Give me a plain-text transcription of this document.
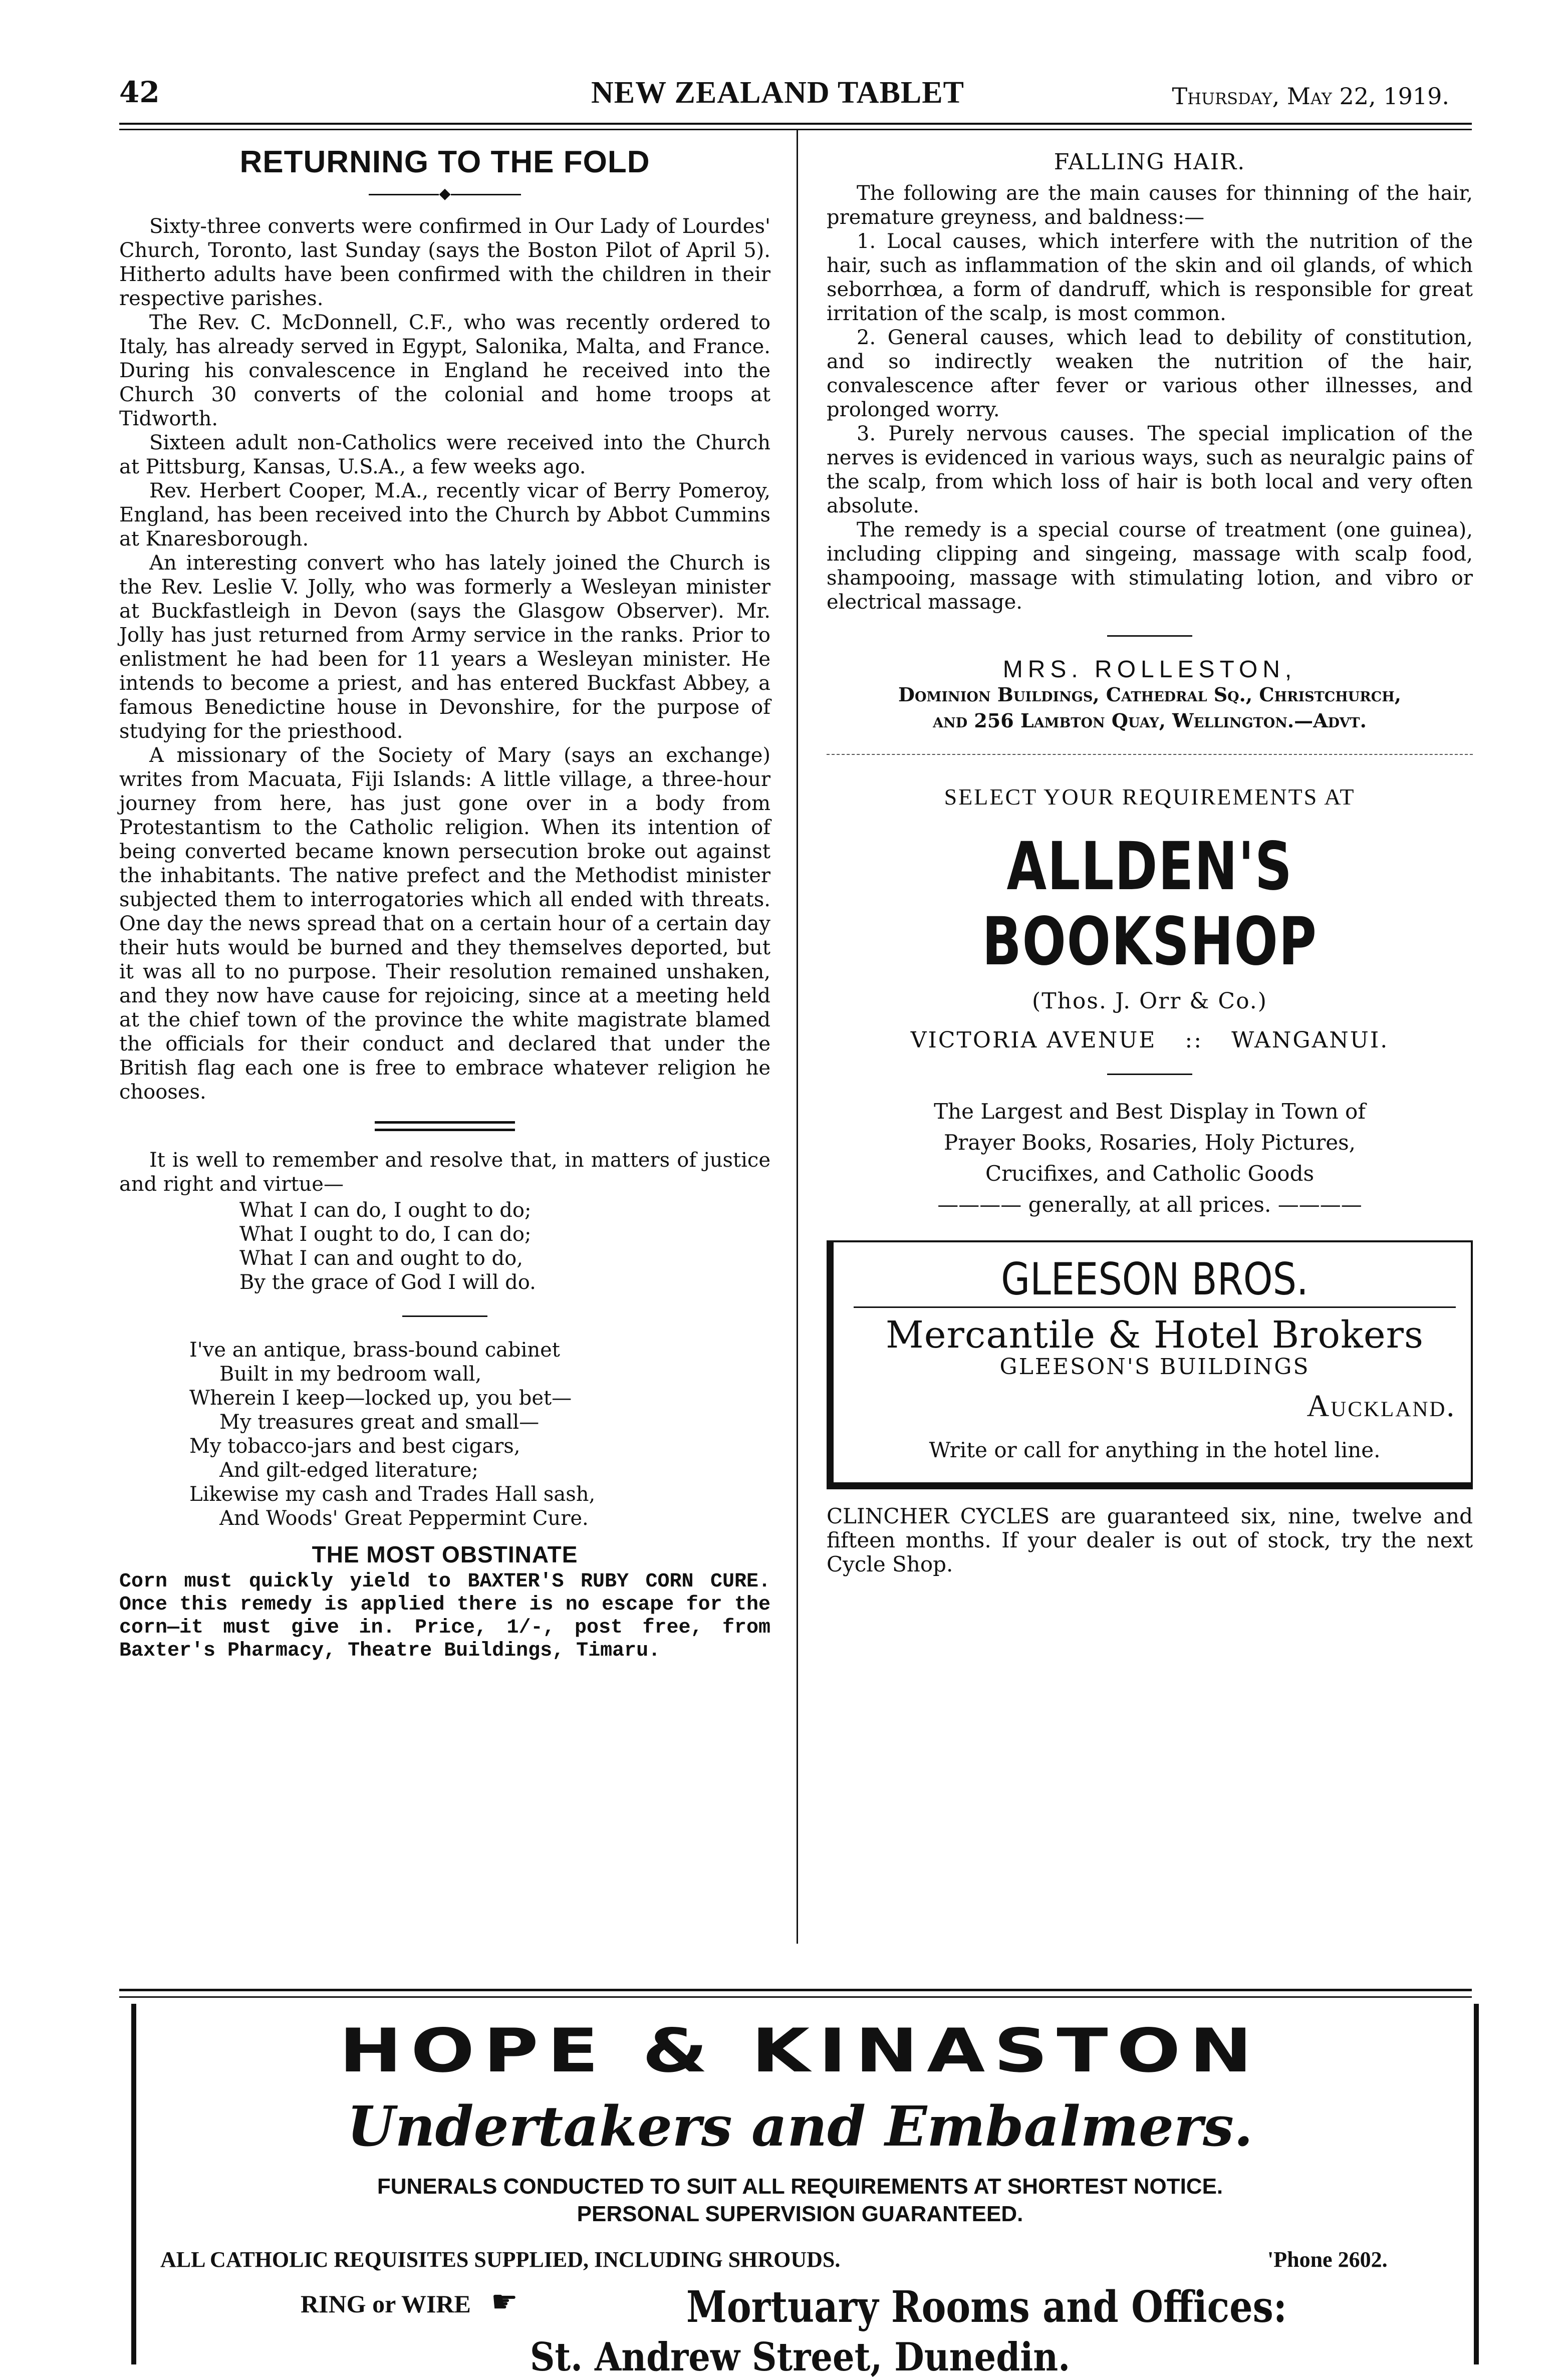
42	NEW ZEALAND TABLET	Thursday, May 22, 1919.
RETURNING TO THE FOLD
◆

Sixty-three converts were confirmed in Our Lady of Lourdes' Church, Toronto, last Sunday (says the Boston Pilot of April 5). Hitherto adults have been confirmed with the children in their respective parishes.

The Rev. C. McDonnell, C.F., who was recently ordered to Italy, has already served in Egypt, Salonika, Malta, and France. During his convalescence in England he received into the Church 30 converts of the colonial and home troops at Tidworth.

Sixteen adult non-Catholics were received into the Church at Pittsburg, Kansas, U.S.A., a few weeks ago.

Rev. Herbert Cooper, M.A., recently vicar of Berry Pomeroy, England, has been received into the Church by Abbot Cummins at Knaresborough.

An interesting convert who has lately joined the Church is the Rev. Leslie V. Jolly, who was formerly a Wesleyan minister at Buckfastleigh in Devon (says the Glasgow Observer). Mr. Jolly has just returned from Army service in the ranks. Prior to enlistment he had been for 11 years a Wesleyan minister. He intends to become a priest, and has entered Buckfast Abbey, a famous Benedictine house in Devonshire, for the purpose of studying for the priesthood.

A missionary of the Society of Mary (says an exchange) writes from Macuata, Fiji Islands: A little village, a three-hour journey from here, has just gone over in a body from Protestantism to the Catholic religion. When its intention of being converted became known persecution broke out against the inhabitants. The native prefect and the Methodist minister subjected them to interrogatories which all ended with threats. One day the news spread that on a certain hour of a certain day their huts would be burned and they themselves deported, but it was all to no purpose. Their resolution remained unshaken, and they now have cause for rejoicing, since at a meeting held at the chief town of the province the white magistrate blamed the officials for their conduct and declared that under the British flag each one is free to embrace whatever religion he chooses.

It is well to remember and resolve that, in matters of justice and right and virtue—

What I can do, I ought to do;
What I ought to do, I can do;
What I can and ought to do,
By the grace of God I will do.
I've an antique, brass-bound cabinet
Built in my bedroom wall,
Wherein I keep—locked up, you bet—
My treasures great and small—
My tobacco-jars and best cigars,
And gilt-edged literature;
Likewise my cash and Trades Hall sash,
And Woods' Great Peppermint Cure.
THE MOST OBSTINATE
Corn must quickly yield to BAXTER'S RUBY CORN CURE. Once this remedy is applied there is no escape for the corn—it must give in. Price, 1/-, post free, from Baxter's Pharmacy, Theatre Buildings, Timaru.
FALLING HAIR.

The following are the main causes for thinning of the hair, premature greyness, and baldness:—

1. Local causes, which interfere with the nutrition of the hair, such as inflammation of the skin and oil glands, of which seborrhœa, a form of dandruff, which is responsible for great irritation of the scalp, is most common.

2. General causes, which lead to debility of constitution, and so indirectly weaken the nutrition of the hair, convalescence after fever or various other illnesses, and prolonged worry.

3. Purely nervous causes. The special implication of the nerves is evidenced in various ways, such as neuralgic pains of the scalp, from which loss of hair is both local and very often absolute.

The remedy is a special course of treatment (one guinea), including clipping and singeing, massage with scalp food, shampooing, massage with stimulating lotion, and vibro or electrical massage.

MRS. ROLLESTON,
Dominion Buildings, Cathedral Sq., Christchurch,
and 256 Lambton Quay, Wellington.—Advt.
SELECT YOUR REQUIREMENTS AT
ALLDEN'S BOOKSHOP
(Thos. J. Orr & Co.)
VICTORIA AVENUE :: WANGANUI.
The Largest and Best Display in Town of Prayer Books, Rosaries, Holy Pictures, Crucifixes, and Catholic Goods
———— generally, at all prices. ————
GLEESON BROS.
Mercantile & Hotel Brokers
GLEESON'S BUILDINGS
Auckland.
Write or call for anything in the hotel line.
CLINCHER CYCLES are guaranteed six, nine, twelve and fifteen months. If your dealer is out of stock, try the next Cycle Shop.
HOPE & KINASTON
Undertakers and Embalmers.
FUNERALS CONDUCTED TO SUIT ALL REQUIREMENTS AT SHORTEST NOTICE.
PERSONAL SUPERVISION GUARANTEED.
ALL CATHOLIC REQUISITES SUPPLIED, INCLUDING SHROUDS.	'Phone 2602.
RING or WIRE ☛	Mortuary Rooms and Offices:
St. Andrew Street, Dunedin.
